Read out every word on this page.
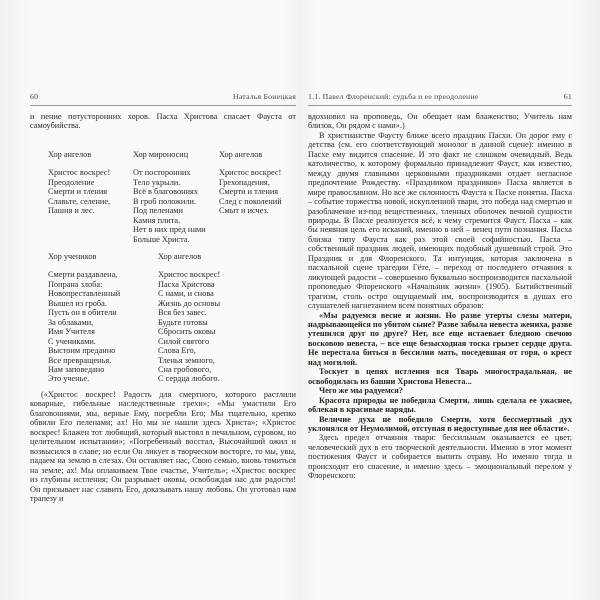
60	Наталья Бонецкая

и пение потусторонних хоров. Пасха Христова спасает Фауста от самоубийства.

Хор ангелов
Христос воскрес!
Преодоление
Смерти и тления
Славьте, селение,
Пашня и лес.
Хор мироносиц
От посторонних
Тело укрыли.
Всё в благовониях
В гроб положили.
Под пеленами
Камня плита.
Нет в них пред нами
Больше Христа.
Хор ангелов
Христос воскрес!
Грехопадения,
Смерти и тления
След с поколений
Смыт и исчез.
Хор учеников
Смерти раздавлена,
Попрана злоба:
Новопреставленный
Вышел из гроба.
Пусть он в обители
За облаками,
Имя Учителя
С учениками.
Выстоим преданно
Все превращенья.
Нам заповедано
Это ученье.
Хор ангелов
Христос воскрес!
Пасха Христова
С нами, и снова
Жизнь до основы
Вся без завес.
Будьте готовы
Сбросить оковы
Силой святого
Слова Его,
Тленья земного,
Сна гробового,
С сердца любого.

(«Христос воскрес! Радость для смертного, которого растлили коварные, гибельные наследственные грехи»; «Мы умастили Его благовониями, мы, верные Ему, погребли Его; Мы тщательно, крепко обвили Его пеленами; ах! Но мы не нашли здесь Христа»; «Христос воскрес! Блажен тот любящий, который выстоял в печальном, суровом, но целительном испытании»; «Погребенный восстал, Высочайший ожил и возвысился в славе; но если Он ликует в творческом восторге, то мы, увы, падаем на землю в слезах. Он оставляет нас, Свою семью, вновь томиться на земле; ах! Мы оплакиваем Твое счастье, Учитель»; «Христос воскрес из глубины истления; Он разрывает оковы, освобождая нас для радости! Он призывает нас славить Его, доказывать нашу любовь. Он уготовал нам трапезу и

1.1. Павел Флоренский: судьба и ее преодоление	61

вдохновил на проповедь, Он обещает нам блаженство; Учитель нам близок, Он рядом с нами».)

В христианстве Фаусту ближе всего праздник Пасхи. Он дорог ему с детства (см. его соответствующий монолог в данной сцене): именно в Пасхе ему видится спасение. И это факт не слишком очевидный. Ведь католичество, к которому формально принадлежит Фауст, как известно, между двумя главными церковными праздниками отдает негласное предпочтение Рождеству. «Праздником праздников» Пасха является в мире православном. Но все же склонность Фауста к Пасхе понятна. Пасха – событие торжества новой, искупленной твари, это победа над смертью и разоблачение из-под вещественных, тленных оболочек вечной сущности природы. В Пасхе реализуется всё, к чему стремится Фауст. Пасха – как бы неявная цель его исканий, именно в ней – венец пути познания. Пасха близка типу Фауста как раз этой своей софийностью. Пасха – собственный праздник людей, имеющих подобный душевный строй. Это Праздник и для Флоренского. Та интуиция, которая заключена в пасхальной сцене трагедии Гёте, – переход от последнего отчаяния к ликующей радости – совершенно буквально воспроизводится пасхальной проповедью Флоренского «Начальник жизни» (1905). Бытийственный трагизм, столь остро ощущаемый им, воспроизводится в душах его слушателей нагнетанием всем понятных образов:

«Мы радуемся весне и жизни. Но разве утерты слезы матери, надрывающейся по убитом сыне? Разве забыла невеста жениха, разве утешился друг по друге? Нет, все еще истаевает бледною свечою восковою невеста, – все еще безысходная тоска грызет сердце друга. Не перестала биться в бессилии мать, поседевшая от горя, о крест над могилой.

Тоскует в цепях истления вся Тварь многострадальная, не освободилась из башни Христова Невеста...

Чего же мы радуемся?

Красота природы не победила Смерти, лишь сделала ее ужаснее, облекая в красивые наряды.

Величие духа не победило Смерти, хотя бессмертный дух уклонялся от Неумолимой, отступая в недоступные для нее области».

Здесь предел отчаяния твари: бессильным оказывается ее цвет, человеческий дух в его творческой деятельности. Именно в этот момент постижения Фауст и собирается выпить отраву. Но именно тогда и происходит его спасение, и именно здесь – эмоциональный перелом у Флоренского:
